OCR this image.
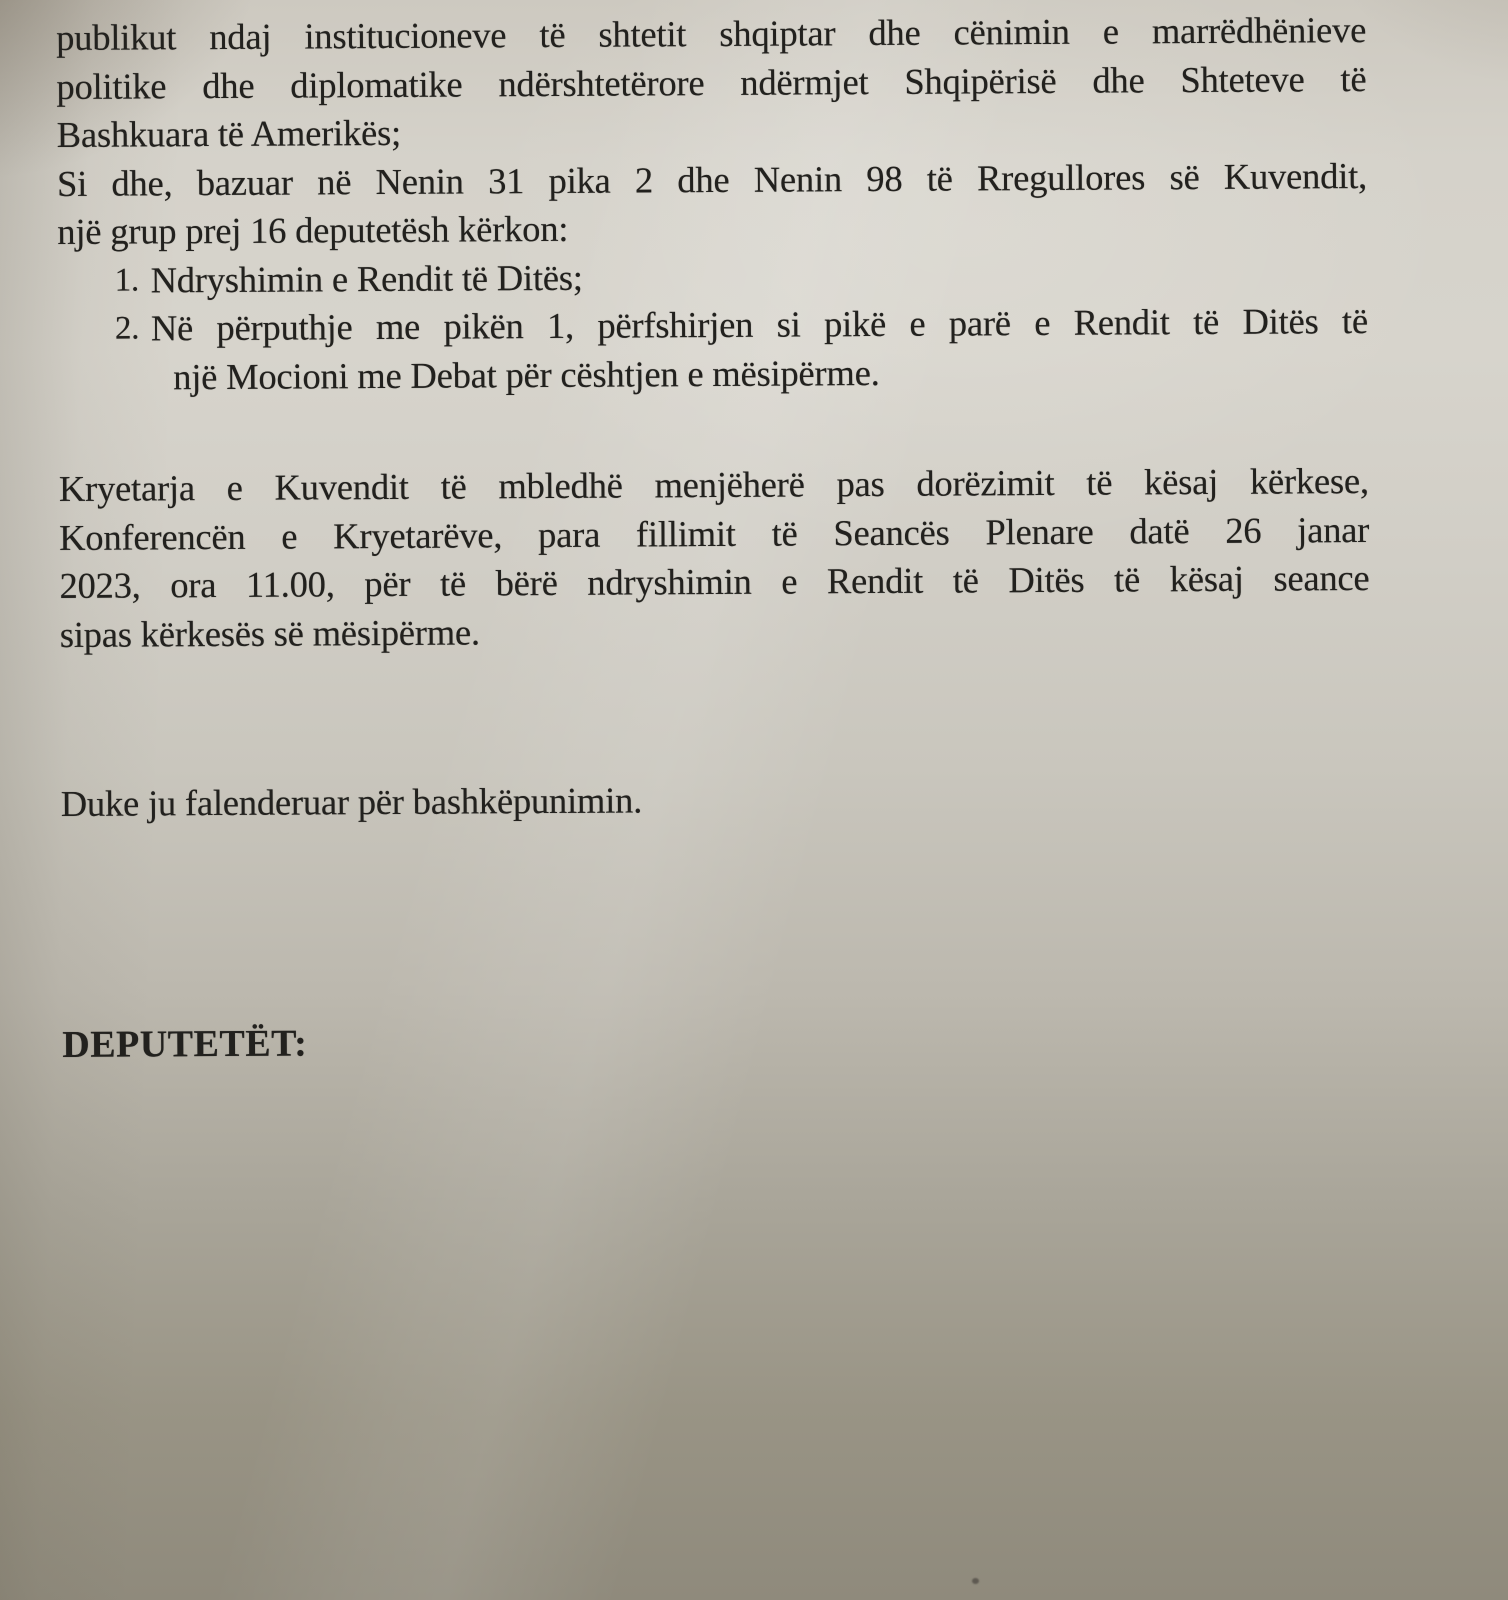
publikut ndaj institucioneve të shtetit shqiptar dhe cënimin e marrëdhënieve
politike dhe diplomatike ndërshtetërore ndërmjet Shqipërisë dhe Shteteve të
Bashkuara të Amerikës;
Si dhe, bazuar në Nenin 31 pika 2 dhe Nenin 98 të Rregullores së Kuvendit,
një grup prej 16 deputetësh kërkon:
1. Ndryshimin e Rendit të Ditës;
2. Në përputhje me pikën 1, përfshirjen si pikë e parë e Rendit të Ditës të
një Mocioni me Debat për cështjen e mësipërme.
Kryetarja e Kuvendit të mbledhë menjëherë pas dorëzimit të kësaj kërkese,
Konferencën e Kryetarëve, para fillimit të Seancës Plenare datë 26 janar
2023, ora 11.00, për të bërë ndryshimin e Rendit të Ditës të kësaj seance
sipas kërkesës së mësipërme.
Duke ju falenderuar për bashkëpunimin.
DEPUTETËT:
